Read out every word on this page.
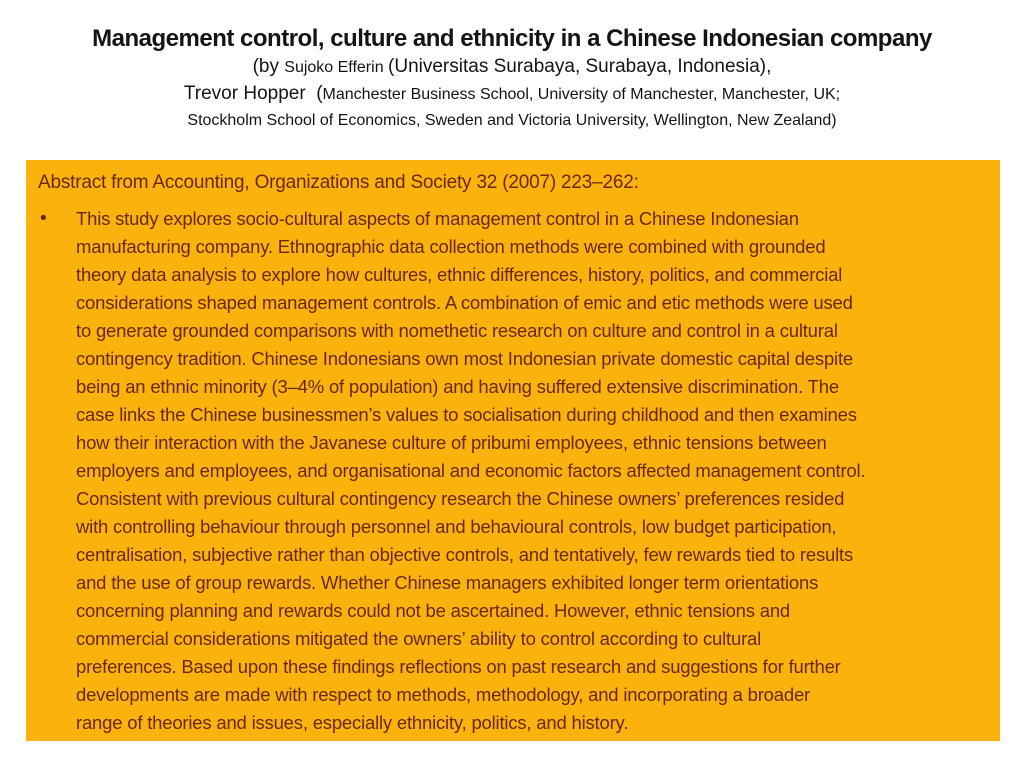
Management control, culture and ethnicity in a Chinese Indonesian company

(by Sujoko Efferin (Universitas Surabaya, Surabaya, Indonesia),

Trevor Hopper  (Manchester Business School, University of Manchester, Manchester, UK;

Stockholm School of Economics, Sweden and Victoria University, Wellington, New Zealand)

Abstract from Accounting, Organizations and Society 32 (2007) 223–262:

• This study explores socio-cultural aspects of management control in a Chinese Indonesian
manufacturing company. Ethnographic data collection methods were combined with grounded
theory data analysis to explore how cultures, ethnic differences, history, politics, and commercial
considerations shaped management controls. A combination of emic and etic methods were used
to generate grounded comparisons with nomethetic research on culture and control in a cultural
contingency tradition. Chinese Indonesians own most Indonesian private domestic capital despite
being an ethnic minority (3–4% of population) and having suffered extensive discrimination. The
case links the Chinese businessmen’s values to socialisation during childhood and then examines
how their interaction with the Javanese culture of pribumi employees, ethnic tensions between
employers and employees, and organisational and economic factors affected management control.
Consistent with previous cultural contingency research the Chinese owners’ preferences resided
with controlling behaviour through personnel and behavioural controls, low budget participation,
centralisation, subjective rather than objective controls, and tentatively, few rewards tied to results
and the use of group rewards. Whether Chinese managers exhibited longer term orientations
concerning planning and rewards could not be ascertained. However, ethnic tensions and
commercial considerations mitigated the owners’ ability to control according to cultural
preferences. Based upon these findings reflections on past research and suggestions for further
developments are made with respect to methods, methodology, and incorporating a broader
range of theories and issues, especially ethnicity, politics, and history.
